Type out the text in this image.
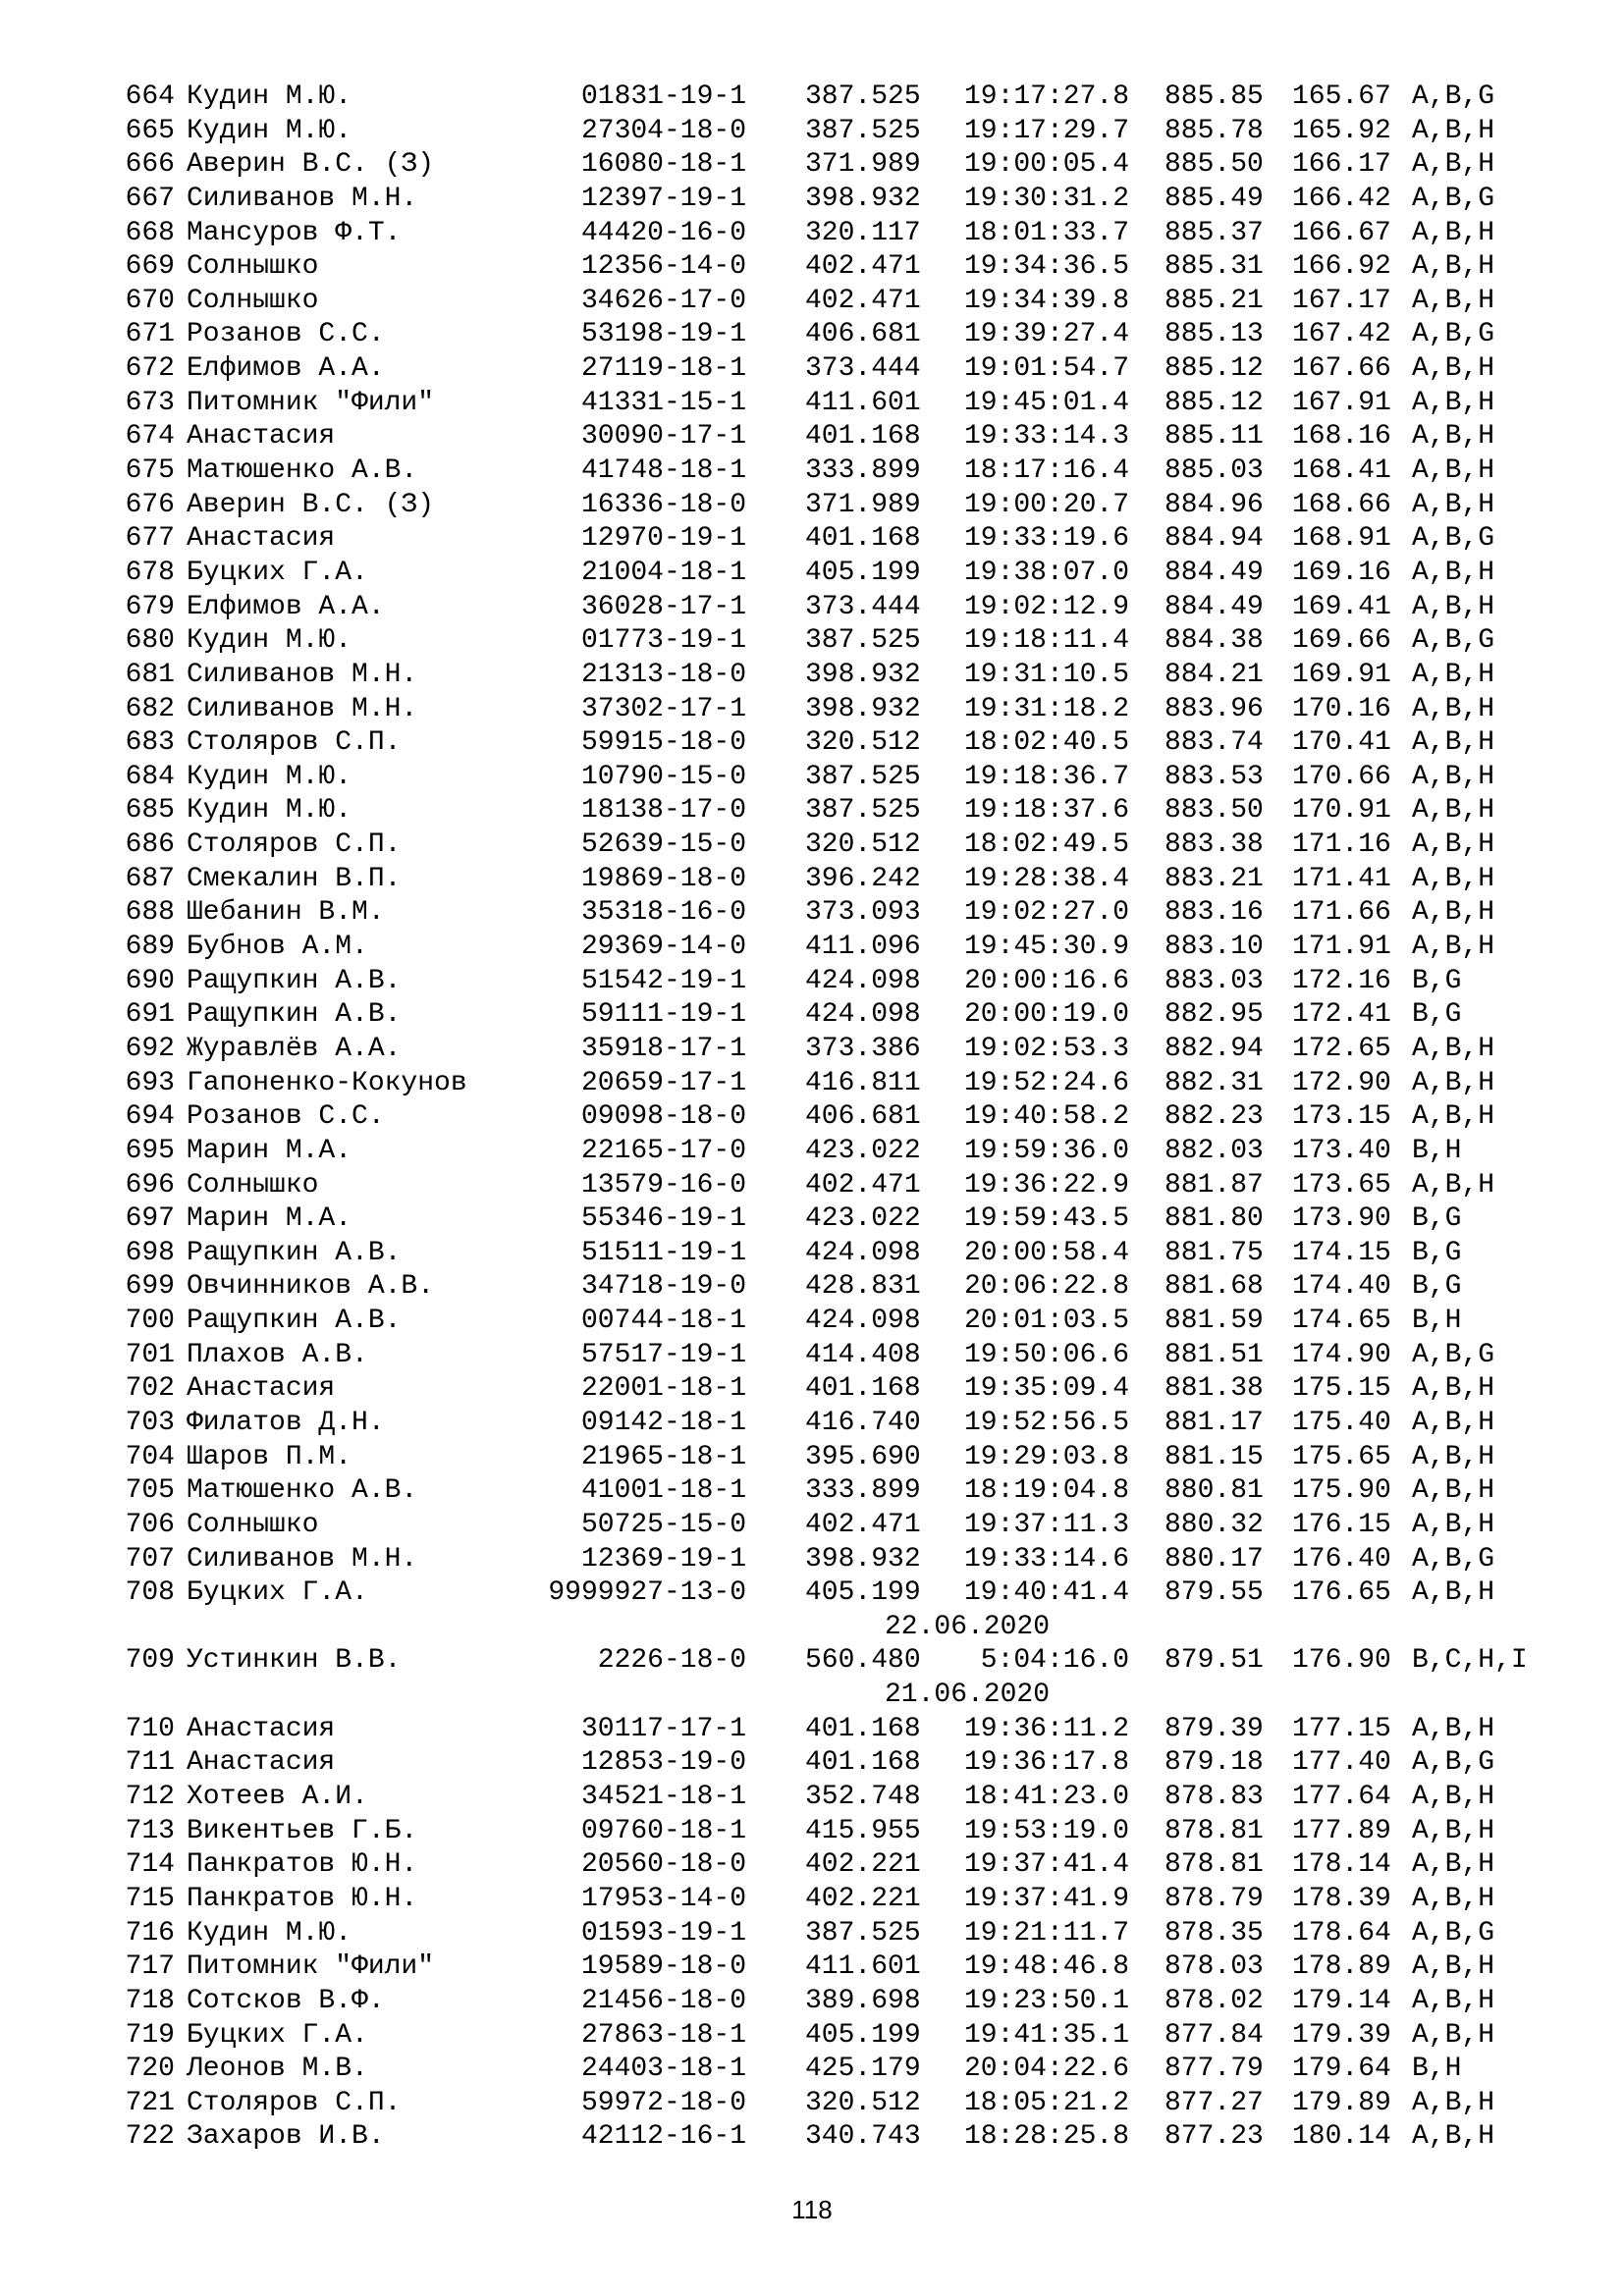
664 Кудин М.Ю.	01831-19-1 387.525	19:17:27.8 885.85 165.67 A,B,G
665 Кудин М.Ю.	27304-18-0 387.525	19:17:29.7 885.78 165.92 A,B,H
666 Аверин В.С. (З)	16080-18-1 371.989	19:00:05.4 885.50 166.17 A,B,H
667 Силиванов М.Н.	12397-19-1 398.932	19:30:31.2 885.49 166.42 A,B,G
668 Мансуров Ф.Т.	44420-16-0 320.117	18:01:33.7 885.37 166.67 A,B,H
669 Солнышко	12356-14-0 402.471	19:34:36.5 885.31 166.92 A,B,H
670 Солнышко	34626-17-0 402.471	19:34:39.8 885.21 167.17 A,B,H
671 Розанов С.С.	53198-19-1 406.681	19:39:27.4 885.13 167.42 A,B,G
672 Елфимов А.А.	27119-18-1 373.444	19:01:54.7 885.12 167.66 A,B,H
673 Питомник "Фили"	41331-15-1 411.601	19:45:01.4 885.12 167.91 A,B,H
674 Анастасия	30090-17-1 401.168	19:33:14.3 885.11 168.16 A,B,H
675 Матюшенко А.В.	41748-18-1 333.899	18:17:16.4 885.03 168.41 A,B,H
676 Аверин В.С. (З)	16336-18-0 371.989	19:00:20.7 884.96 168.66 A,B,H
677 Анастасия	12970-19-1 401.168	19:33:19.6 884.94 168.91 A,B,G
678 Буцких Г.А.	21004-18-1 405.199	19:38:07.0 884.49 169.16 A,B,H
679 Елфимов А.А.	36028-17-1 373.444	19:02:12.9 884.49 169.41 A,B,H
680 Кудин М.Ю.	01773-19-1 387.525	19:18:11.4 884.38 169.66 A,B,G
681 Силиванов М.Н.	21313-18-0 398.932	19:31:10.5 884.21 169.91 A,B,H
682 Силиванов М.Н.	37302-17-1 398.932	19:31:18.2 883.96 170.16 A,B,H
683 Столяров С.П.	59915-18-0 320.512	18:02:40.5 883.74 170.41 A,B,H
684 Кудин М.Ю.	10790-15-0 387.525	19:18:36.7 883.53 170.66 A,B,H
685 Кудин М.Ю.	18138-17-0 387.525	19:18:37.6 883.50 170.91 A,B,H
686 Столяров С.П.	52639-15-0 320.512	18:02:49.5 883.38 171.16 A,B,H
687 Смекалин В.П.	19869-18-0 396.242	19:28:38.4 883.21 171.41 A,B,H
688 Шебанин В.М.	35318-16-0 373.093	19:02:27.0 883.16 171.66 A,B,H
689 Бубнов А.М.	29369-14-0 411.096	19:45:30.9 883.10 171.91 A,B,H
690 Ращупкин А.В.	51542-19-1 424.098	20:00:16.6 883.03 172.16 B,G
691 Ращупкин А.В.	59111-19-1 424.098	20:00:19.0 882.95 172.41 B,G
692 Журавлёв А.А.	35918-17-1 373.386	19:02:53.3 882.94 172.65 A,B,H
693 Гапоненко-Кокунов	20659-17-1 416.811	19:52:24.6 882.31 172.90 A,B,H
694 Розанов С.С.	09098-18-0 406.681	19:40:58.2 882.23 173.15 A,B,H
695 Марин М.А.	22165-17-0 423.022	19:59:36.0 882.03 173.40 B,H
696 Солнышко	13579-16-0 402.471	19:36:22.9 881.87 173.65 A,B,H
697 Марин М.А.	55346-19-1 423.022	19:59:43.5 881.80 173.90 B,G
698 Ращупкин А.В.	51511-19-1 424.098	20:00:58.4 881.75 174.15 B,G
699 Овчинников А.В.	34718-19-0 428.831	20:06:22.8 881.68 174.40 B,G
700 Ращупкин А.В.	00744-18-1 424.098	20:01:03.5 881.59 174.65 B,H
701 Плахов А.В.	57517-19-1 414.408	19:50:06.6 881.51 174.90 A,B,G
702 Анастасия	22001-18-1 401.168	19:35:09.4 881.38 175.15 A,B,H
703 Филатов Д.Н.	09142-18-1 416.740	19:52:56.5 881.17 175.40 A,B,H
704 Шаров П.М.	21965-18-1 395.690	19:29:03.8 881.15 175.65 A,B,H
705 Матюшенко А.В.	41001-18-1 333.899	18:19:04.8 880.81 175.90 A,B,H
706 Солнышко	50725-15-0 402.471	19:37:11.3 880.32 176.15 A,B,H
707 Силиванов М.Н.	12369-19-1 398.932	19:33:14.6 880.17 176.40 A,B,G
708 Буцких Г.А.	9999927-13-0 405.199	19:40:41.4 879.55 176.65 A,B,H
22.06.2020
709 Устинкин В.В.	2226-18-0 560.480	5:04:16.0 879.51 176.90 B,C,H,I
21.06.2020
710 Анастасия	30117-17-1 401.168	19:36:11.2 879.39 177.15 A,B,H
711 Анастасия	12853-19-0 401.168	19:36:17.8 879.18 177.40 A,B,G
712 Хотеев А.И.	34521-18-1 352.748	18:41:23.0 878.83 177.64 A,B,H
713 Викентьев Г.Б.	09760-18-1 415.955	19:53:19.0 878.81 177.89 A,B,H
714 Панкратов Ю.Н.	20560-18-0 402.221	19:37:41.4 878.81 178.14 A,B,H
715 Панкратов Ю.Н.	17953-14-0 402.221	19:37:41.9 878.79 178.39 A,B,H
716 Кудин М.Ю.	01593-19-1 387.525	19:21:11.7 878.35 178.64 A,B,G
717 Питомник "Фили"	19589-18-0 411.601	19:48:46.8 878.03 178.89 A,B,H
718 Сотсков В.Ф.	21456-18-0 389.698	19:23:50.1 878.02 179.14 A,B,H
719 Буцких Г.А.	27863-18-1 405.199	19:41:35.1 877.84 179.39 A,B,H
720 Леонов М.В.	24403-18-1 425.179	20:04:22.6 877.79 179.64 B,H
721 Столяров С.П.	59972-18-0 320.512	18:05:21.2 877.27 179.89 A,B,H
722 Захаров И.В.	42112-16-1 340.743	18:28:25.8 877.23 180.14 A,B,H
118
